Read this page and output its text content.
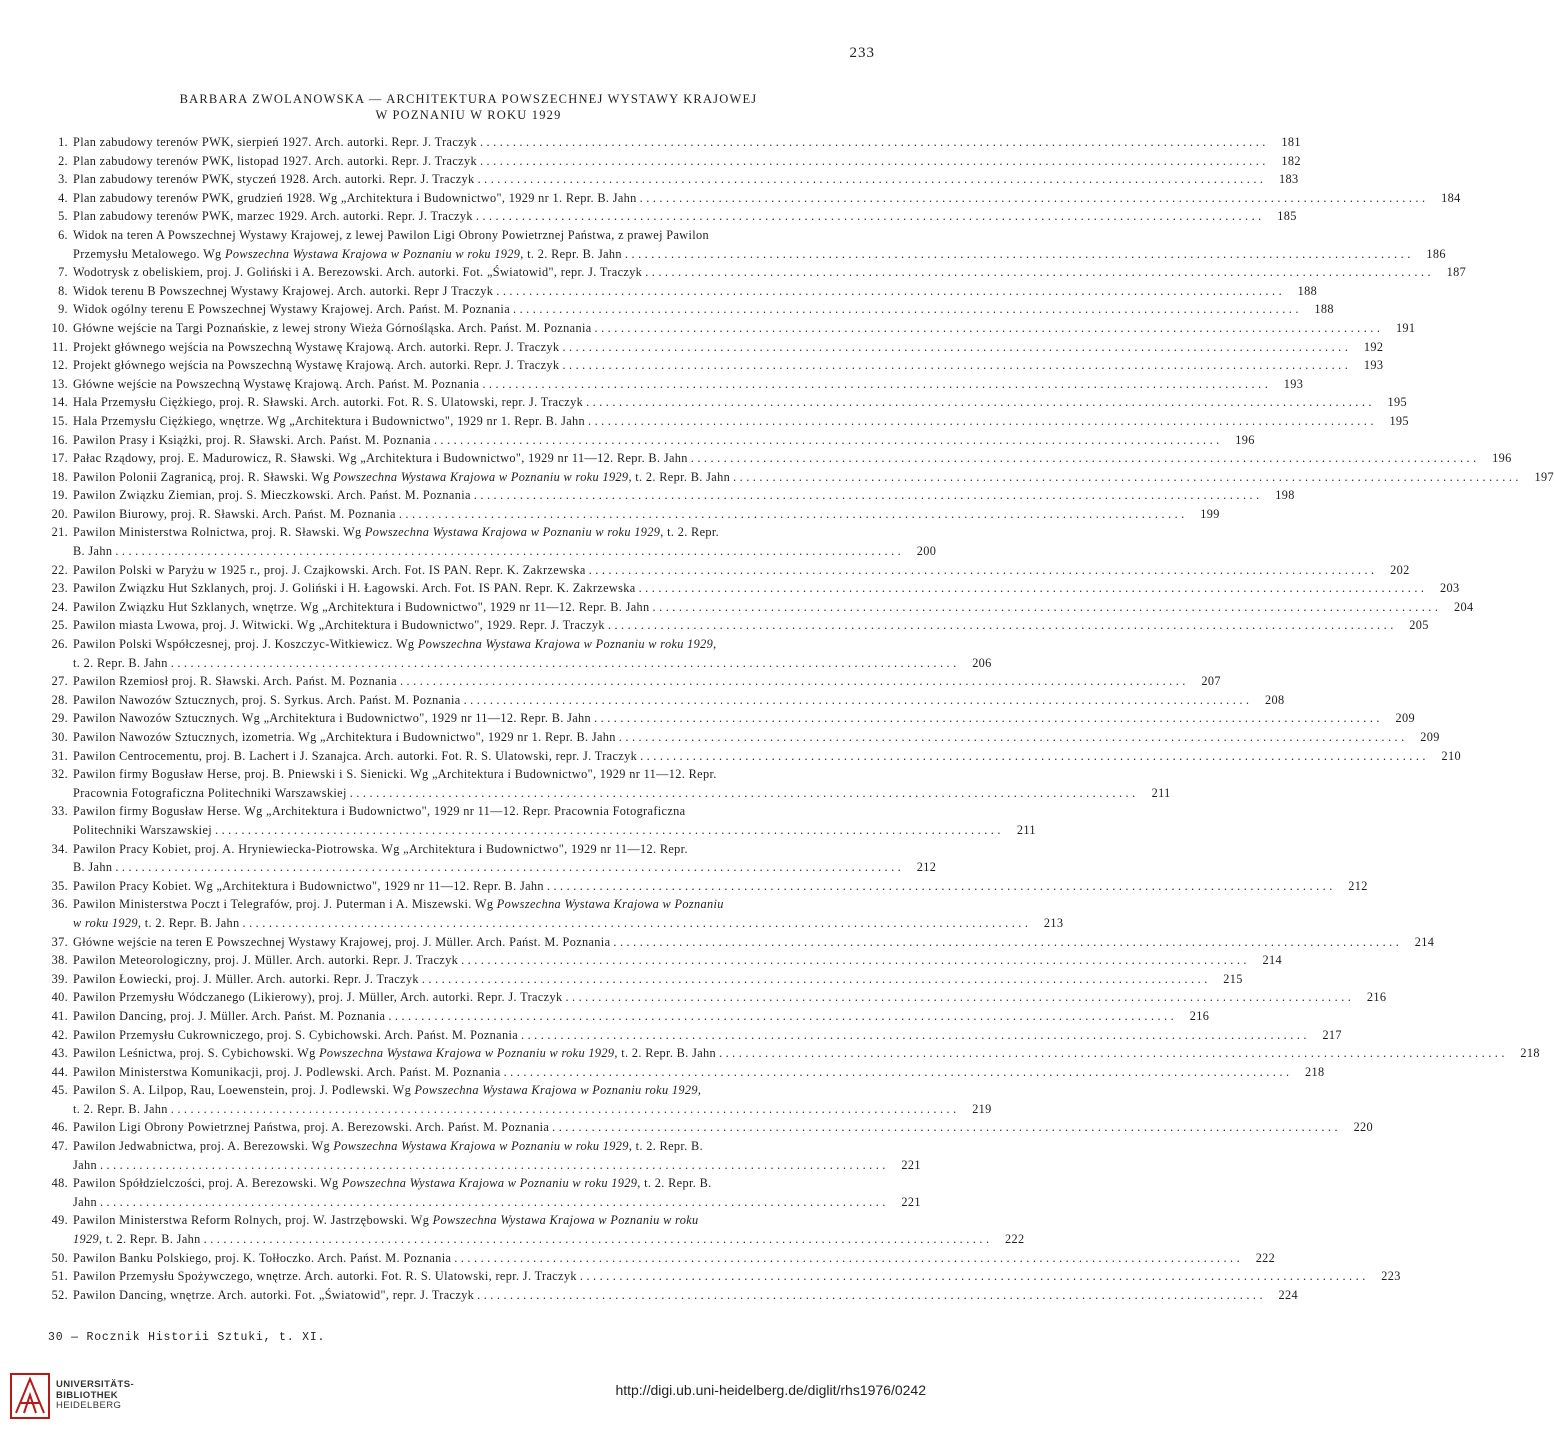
233
BARBARA ZWOLANOWSKA — ARCHITEKTURA POWSZECHNEJ WYSTAWY KRAJOWEJ
W POZNANIU W ROKU 1929
1. Plan zabudowy terenów PWK, sierpień 1927. Arch. autorki. Repr. J. Traczyk ........................................................................................................................	181
2. Plan zabudowy terenów PWK, listopad 1927. Arch. autorki. Repr. J. Traczyk ........................................................................................................................	182
3. Plan zabudowy terenów PWK, styczeń 1928. Arch. autorki. Repr. J. Traczyk ........................................................................................................................	183
4. Plan zabudowy terenów PWK, grudzień 1928. Wg „Architektura i Budownictwo", 1929 nr 1. Repr. B. Jahn ........................................................................................................................	184
5. Plan zabudowy terenów PWK, marzec 1929. Arch. autorki. Repr. J. Traczyk ........................................................................................................................	185
6. Widok na teren A Powszechnej Wystawy Krajowej, z lewej Pawilon Ligi Obrony Powietrznej Państwa, z prawej Pawilon
Przemysłu Metalowego. Wg Powszechna Wystawa Krajowa w Poznaniu w roku 1929, t. 2. Repr. B. Jahn ........................................................................................................................	186
7. Wodotrysk z obeliskiem, proj. J. Goliński i A. Berezowski. Arch. autorki. Fot. „Światowid", repr. J. Traczyk ........................................................................................................................	187
8. Widok terenu B Powszechnej Wystawy Krajowej. Arch. autorki. Repr J Traczyk ........................................................................................................................	188
9. Widok ogólny terenu E Powszechnej Wystawy Krajowej. Arch. Państ. M. Poznania ........................................................................................................................	188
10. Główne wejście na Targi Poznańskie, z lewej strony Wieża Górnośląska. Arch. Państ. M. Poznania ........................................................................................................................	191
11. Projekt głównego wejścia na Powszechną Wystawę Krajową. Arch. autorki. Repr. J. Traczyk ........................................................................................................................	192
12. Projekt głównego wejścia na Powszechną Wystawę Krajową. Arch. autorki. Repr. J. Traczyk ........................................................................................................................	193
13. Główne wejście na Powszechną Wystawę Krajową. Arch. Państ. M. Poznania ........................................................................................................................	193
14. Hala Przemysłu Ciężkiego, proj. R. Sławski. Arch. autorki. Fot. R. S. Ulatowski, repr. J. Traczyk ........................................................................................................................	195
15. Hala Przemysłu Ciężkiego, wnętrze. Wg „Architektura i Budownictwo", 1929 nr 1. Repr. B. Jahn ........................................................................................................................	195
16. Pawilon Prasy i Książki, proj. R. Sławski. Arch. Państ. M. Poznania ........................................................................................................................	196
17. Pałac Rządowy, proj. E. Madurowicz, R. Sławski. Wg „Architektura i Budownictwo", 1929 nr 11—12. Repr. B. Jahn ........................................................................................................................	196
18. Pawilon Polonii Zagranicą, proj. R. Sławski. Wg Powszechna Wystawa Krajowa w Poznaniu w roku 1929, t. 2. Repr. B. Jahn ........................................................................................................................	197
19. Pawilon Związku Ziemian, proj. S. Mieczkowski. Arch. Państ. M. Poznania ........................................................................................................................	198
20. Pawilon Biurowy, proj. R. Sławski. Arch. Państ. M. Poznania ........................................................................................................................	199
21. Pawilon Ministerstwa Rolnictwa, proj. R. Sławski. Wg Powszechna Wystawa Krajowa w Poznaniu w roku 1929, t. 2. Repr.
B. Jahn ........................................................................................................................	200
22. Pawilon Polski w Paryżu w 1925 r., proj. J. Czajkowski. Arch. Fot. IS PAN. Repr. K. Zakrzewska ........................................................................................................................	202
23. Pawilon Związku Hut Szklanych, proj. J. Goliński i H. Łagowski. Arch. Fot. IS PAN. Repr. K. Zakrzewska ........................................................................................................................	203
24. Pawilon Związku Hut Szklanych, wnętrze. Wg „Architektura i Budownictwo", 1929 nr 11—12. Repr. B. Jahn ........................................................................................................................	204
25. Pawilon miasta Lwowa, proj. J. Witwicki. Wg „Architektura i Budownictwo", 1929. Repr. J. Traczyk ........................................................................................................................	205
26. Pawilon Polski Współczesnej, proj. J. Koszczyc-Witkiewicz. Wg Powszechna Wystawa Krajowa w Poznaniu w roku 1929,
t. 2. Repr. B. Jahn ........................................................................................................................	206
27. Pawilon Rzemiosł proj. R. Sławski. Arch. Państ. M. Poznania ........................................................................................................................	207
28. Pawilon Nawozów Sztucznych, proj. S. Syrkus. Arch. Państ. M. Poznania ........................................................................................................................	208
29. Pawilon Nawozów Sztucznych. Wg „Architektura i Budownictwo", 1929 nr 11—12. Repr. B. Jahn ........................................................................................................................	209
30. Pawilon Nawozów Sztucznych, izometria. Wg „Architektura i Budownictwo", 1929 nr 1. Repr. B. Jahn ........................................................................................................................	209
31. Pawilon Centrocementu, proj. B. Lachert i J. Szanajca. Arch. autorki. Fot. R. S. Ulatowski, repr. J. Traczyk ........................................................................................................................	210
32. Pawilon firmy Bogusław Herse, proj. B. Pniewski i S. Sienicki. Wg „Architektura i Budownictwo", 1929 nr 11—12. Repr.
Pracownia Fotograficzna Politechniki Warszawskiej ........................................................................................................................	211
33. Pawilon firmy Bogusław Herse. Wg „Architektura i Budownictwo", 1929 nr 11—12. Repr. Pracownia Fotograficzna
Politechniki Warszawskiej ........................................................................................................................	211
34. Pawilon Pracy Kobiet, proj. A. Hryniewiecka-Piotrowska. Wg „Architektura i Budownictwo", 1929 nr 11—12. Repr.
B. Jahn ........................................................................................................................	212
35. Pawilon Pracy Kobiet. Wg „Architektura i Budownictwo", 1929 nr 11—12. Repr. B. Jahn ........................................................................................................................	212
36. Pawilon Ministerstwa Poczt i Telegrafów, proj. J. Puterman i A. Miszewski. Wg Powszechna Wystawa Krajowa w Poznaniu
w roku 1929, t. 2. Repr. B. Jahn ........................................................................................................................	213
37. Główne wejście na teren E Powszechnej Wystawy Krajowej, proj. J. Müller. Arch. Państ. M. Poznania ........................................................................................................................	214
38. Pawilon Meteorologiczny, proj. J. Müller. Arch. autorki. Repr. J. Traczyk ........................................................................................................................	214
39. Pawilon Łowiecki, proj. J. Müller. Arch. autorki. Repr. J. Traczyk ........................................................................................................................	215
40. Pawilon Przemysłu Wódczanego (Likierowy), proj. J. Müller, Arch. autorki. Repr. J. Traczyk ........................................................................................................................	216
41. Pawilon Dancing, proj. J. Müller. Arch. Państ. M. Poznania ........................................................................................................................	216
42. Pawilon Przemysłu Cukrowniczego, proj. S. Cybichowski. Arch. Państ. M. Poznania ........................................................................................................................	217
43. Pawilon Leśnictwa, proj. S. Cybichowski. Wg Powszechna Wystawa Krajowa w Poznaniu w roku 1929, t. 2. Repr. B. Jahn ........................................................................................................................	218
44. Pawilon Ministerstwa Komunikacji, proj. J. Podlewski. Arch. Państ. M. Poznania ........................................................................................................................	218
45. Pawilon S. A. Lilpop, Rau, Loewenstein, proj. J. Podlewski. Wg Powszechna Wystawa Krajowa w Poznaniu roku 1929,
t. 2. Repr. B. Jahn ........................................................................................................................	219
46. Pawilon Ligi Obrony Powietrznej Państwa, proj. A. Berezowski. Arch. Państ. M. Poznania ........................................................................................................................	220
47. Pawilon Jedwabnictwa, proj. A. Berezowski. Wg Powszechna Wystawa Krajowa w Poznaniu w roku 1929, t. 2. Repr. B.
Jahn ........................................................................................................................	221
48. Pawilon Spółdzielczości, proj. A. Berezowski. Wg Powszechna Wystawa Krajowa w Poznaniu w roku 1929, t. 2. Repr. B.
Jahn ........................................................................................................................	221
49. Pawilon Ministerstwa Reform Rolnych, proj. W. Jastrzębowski. Wg Powszechna Wystawa Krajowa w Poznaniu w roku
1929, t. 2. Repr. B. Jahn ........................................................................................................................	222
50. Pawilon Banku Polskiego, proj. K. Tołłoczko. Arch. Państ. M. Poznania ........................................................................................................................	222
51. Pawilon Przemysłu Spożywczego, wnętrze. Arch. autorki. Fot. R. S. Ulatowski, repr. J. Traczyk ........................................................................................................................	223
52. Pawilon Dancing, wnętrze. Arch. autorki. Fot. „Światowid", repr. J. Traczyk ........................................................................................................................	224
30 — Rocznik Historii Sztuki, t. XI.
UNIVERSITÄTS-
BIBLIOTHEK
HEIDELBERG
http://digi.ub.uni-heidelberg.de/diglit/rhs1976/0242
